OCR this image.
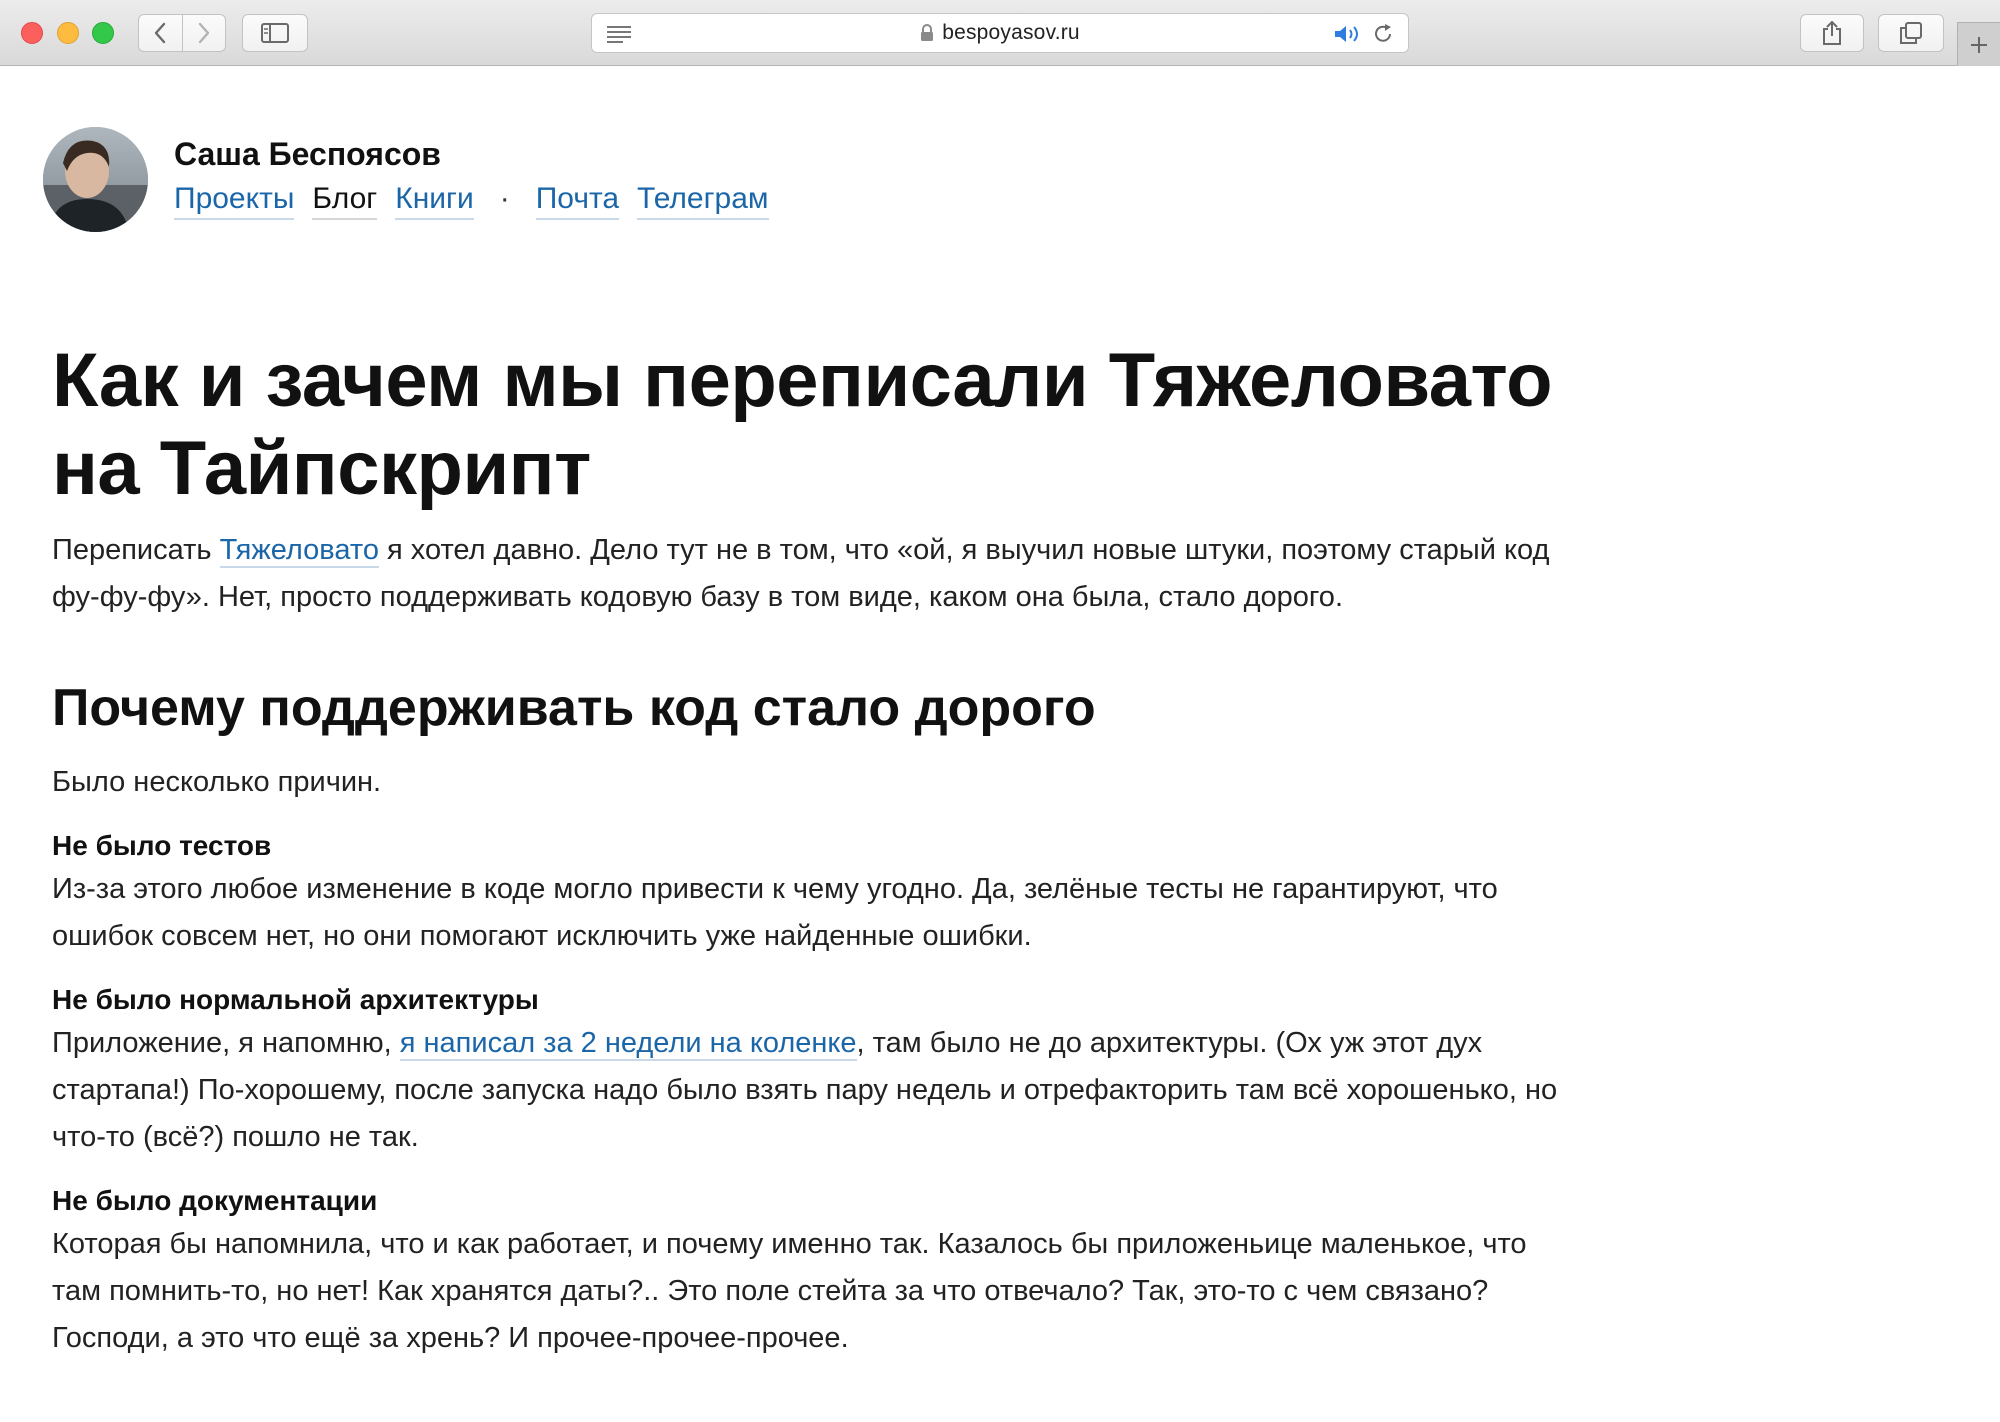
bespoyasov.ru
Саша Беспоясов
Проекты Блог Книги · Почта Телеграм
Как и зачем мы переписали Тяжеловато
на Тайпскрипт

Переписать Тяжеловато я хотел давно. Дело тут не в том, что «ой, я выучил новые штуки, поэтому старый код фу-фу-фу». Нет, просто поддерживать кодовую базу в том виде, каком она была, стало дорого.

Почему поддерживать код стало дорого

Было несколько причин.

Не было тестов

Из-за этого любое изменение в коде могло привести к чему угодно. Да, зелёные тесты не гарантируют, что ошибок совсем нет, но они помогают исключить уже найденные ошибки.

Не было нормальной архитектуры

Приложение, я напомню, я написал за 2 недели на коленке, там было не до архитектуры. (Ох уж этот дух стартапа!) По-хорошему, после запуска надо было взять пару недель и отрефакторить там всё хорошенько, но что-то (всё?) пошло не так.

Не было документации

Которая бы напомнила, что и как работает, и почему именно так. Казалось бы приложеньице маленькое, что там помнить-то, но нет! Как хранятся даты?.. Это поле стейта за что отвечало? Так, это-то с чем связано? Господи, а это что ещё за хрень? И прочее-прочее-прочее.
